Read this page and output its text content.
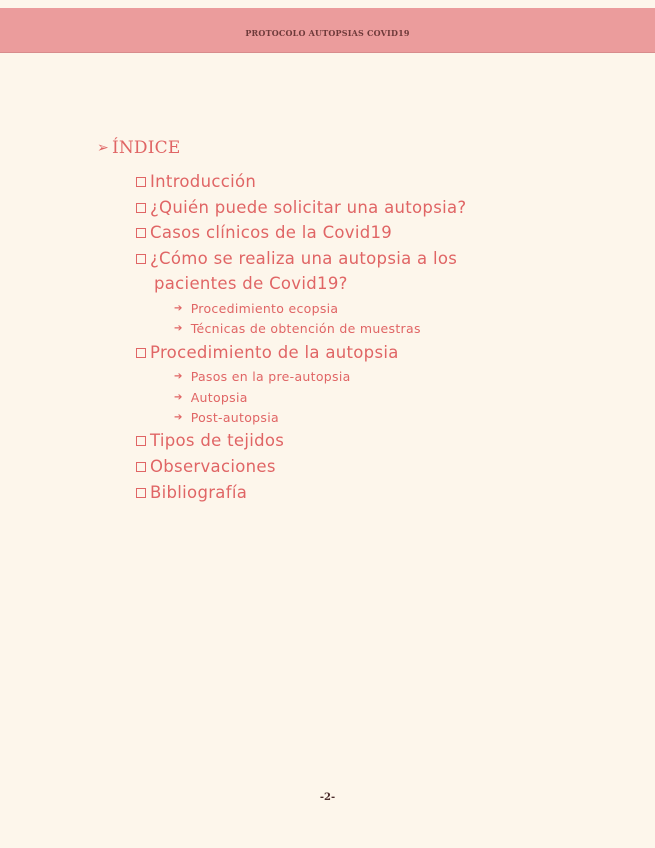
PROTOCOLO AUTOPSIAS COVID19
➢ ÍNDICE
Introducción
¿Quién puede solicitar una autopsia?
Casos clínicos de la Covid19
¿Cómo se realiza una autopsia a los
pacientes de Covid19?
➔ Procedimiento ecopsia
➔ Técnicas de obtención de muestras
Procedimiento de la autopsia
➔ Pasos en la pre-autopsia
➔ Autopsia
➔ Post-autopsia
Tipos de tejidos
Observaciones
Bibliografía
-2-
